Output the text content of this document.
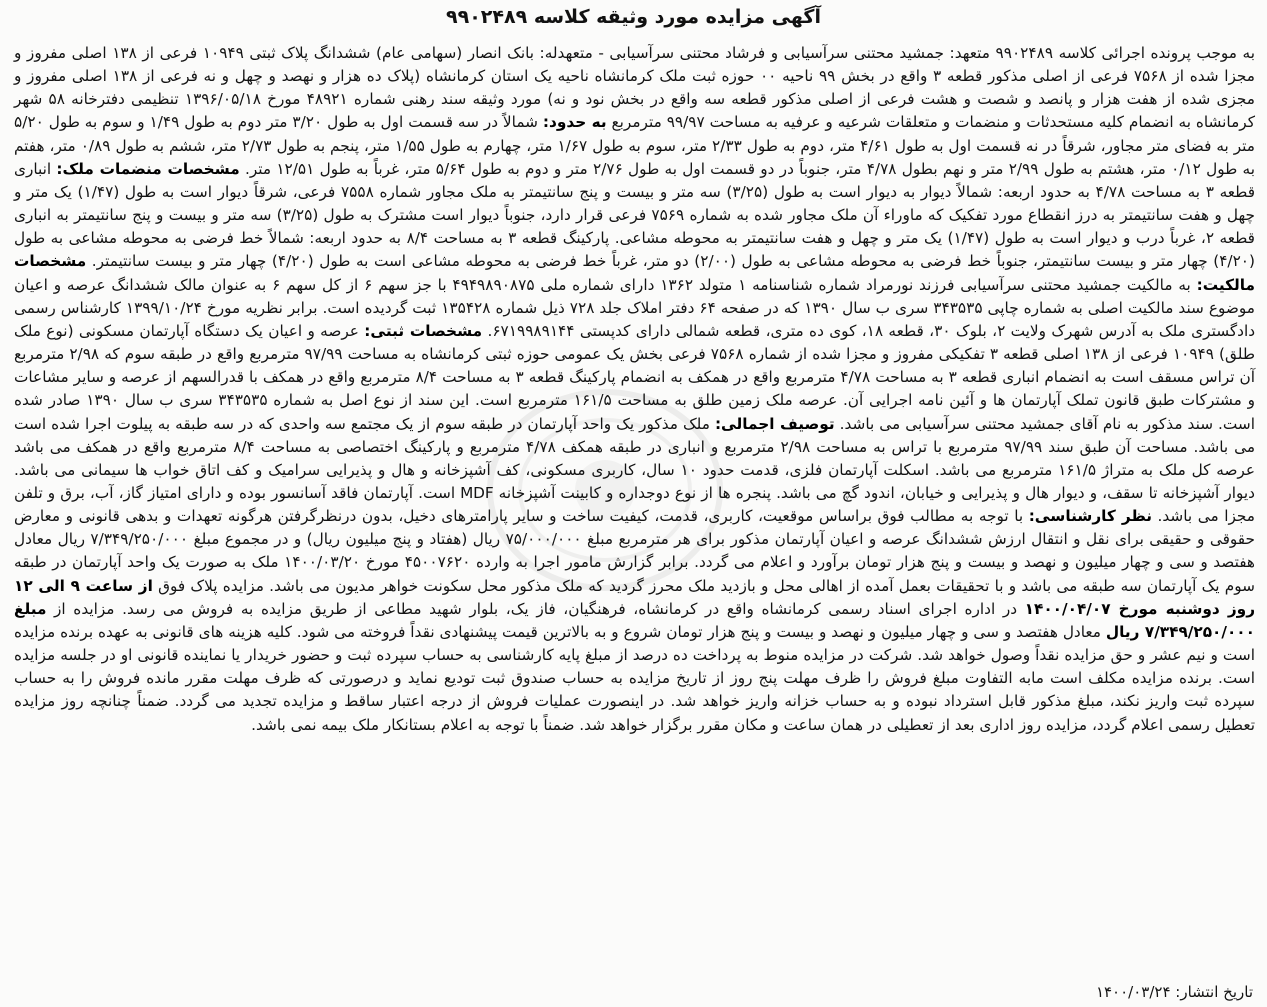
آگهی مزایده مورد وثیقه کلاسه ۹۹۰۲۴۸۹
به موجب پرونده اجرائی کلاسه ۹۹۰۲۴۸۹ متعهد: جمشید محتنی سرآسیابی و فرشاد محتنی سرآسیابی - متعهدله: بانک انصار (سهامی عام) ششدانگ پلاک ثبتی ۱۰۹۴۹ فرعی از ۱۳۸ اصلی مفروز و مجزا شده از ۷۵۶۸ فرعی از اصلی مذکور قطعه ۳ واقع در بخش ۹۹ ناحیه ۰۰ حوزه ثبت ملک کرمانشاه ناحیه یک استان کرمانشاه (پلاک ده هزار و نهصد و چهل و نه فرعی از ۱۳۸ اصلی مفروز و مجزی شده از هفت هزار و پانصد و شصت و هشت فرعی از اصلی مذکور قطعه سه واقع در بخش نود و نه) مورد وثیقه سند رهنی شماره ۴۸۹۲۱ مورخ ۱۳۹۶/۰۵/۱۸ تنظیمی دفترخانه ۵۸ شهر کرمانشاه به انضمام کلیه مستحدثات و منضمات و متعلقات شرعیه و عرفیه به مساحت ۹۹/۹۷ مترمربع به حدود: شمالاً در سه قسمت اول به طول ۳/۲۰ متر دوم به طول ۱/۴۹ و سوم به طول ۵/۲۰ متر به فضای متر مجاور، شرقاً در نه قسمت اول به طول ۴/۶۱ متر، دوم به طول ۲/۳۳ متر، سوم به طول ۱/۶۷ متر، چهارم به طول ۱/۵۵ متر، پنجم به طول ۲/۷۳ متر، ششم به طول ۰/۸۹ متر، هفتم به طول ۰/۱۲ متر، هشتم به طول ۲/۹۹ متر و نهم بطول ۴/۷۸ متر، جنوباً در دو قسمت اول به طول ۲/۷۶ متر و دوم به طول ۵/۶۴ متر، غرباً به طول ۱۲/۵۱ متر. مشخصات منضمات ملک: انباری قطعه ۳ به مساحت ۴/۷۸ به حدود اربعه: شمالاً دیوار به دیوار است به طول (۳/۲۵) سه متر و بیست و پنج سانتیمتر به ملک مجاور شماره ۷۵۵۸ فرعی، شرقاً دیوار است به طول (۱/۴۷) یک متر و چهل و هفت سانتیمتر به درز انقطاع مورد تفکیک که ماوراء آن ملک مجاور شده به شماره ۷۵۶۹ فرعی قرار دارد، جنوباً دیوار است مشترک به طول (۳/۲۵) سه متر و بیست و پنج سانتیمتر به انباری قطعه ۲، غرباً درب و دیوار است به طول (۱/۴۷) یک متر و چهل و هفت سانتیمتر به محوطه مشاعی. پارکینگ قطعه ۳ به مساحت ۸/۴ به حدود اربعه: شمالاً خط فرضی به محوطه مشاعی به طول (۴/۲۰) چهار متر و بیست سانتیمتر، جنوباً خط فرضی به محوطه مشاعی به طول (۲/۰۰) دو متر، غرباً خط فرضی به محوطه مشاعی است به طول (۴/۲۰) چهار متر و بیست سانتیمتر. مشخصات مالکیت: به مالکیت جمشید محتنی سرآسیابی فرزند نورمراد شماره شناسنامه ۱ متولد ۱۳۶۲ دارای شماره ملی ۴۹۴۹۸۹۰۸۷۵ با جز سهم ۶ از کل سهم ۶ به عنوان مالک ششدانگ عرصه و اعیان موضوع سند مالکیت اصلی به شماره چاپی ۳۴۳۵۳۵ سری ب سال ۱۳۹۰ که در صفحه ۶۴ دفتر املاک جلد ۷۲۸ ذیل شماره ۱۳۵۴۲۸ ثبت گردیده است. برابر نظریه مورخ ۱۳۹۹/۱۰/۲۴ کارشناس رسمی دادگستری ملک به آدرس شهرک ولایت ۲، بلوک ۳۰، قطعه ۱۸، کوی ده متری، قطعه شمالی دارای کدپستی ۶۷۱۹۹۸۹۱۴۴. مشخصات ثبتی: عرصه و اعیان یک دستگاه آپارتمان مسکونی (نوع ملک طلق) ۱۰۹۴۹ فرعی از ۱۳۸ اصلی قطعه ۳ تفکیکی مفروز و مجزا شده از شماره ۷۵۶۸ فرعی بخش یک عمومی حوزه ثبتی کرمانشاه به مساحت ۹۷/۹۹ مترمربع واقع در طبقه سوم که ۲/۹۸ مترمربع آن تراس مسقف است به انضمام انباری قطعه ۳ به مساحت ۴/۷۸ مترمربع واقع در همکف به انضمام پارکینگ قطعه ۳ به مساحت ۸/۴ مترمربع واقع در همکف با قدرالسهم از عرصه و سایر مشاعات و مشترکات طبق قانون تملک آپارتمان ها و آئین نامه اجرایی آن. عرصه ملک زمین طلق به مساحت ۱۶۱/۵ مترمربع است. این سند از نوع اصل به شماره ۳۴۳۵۳۵ سری ب سال ۱۳۹۰ صادر شده است. سند مذکور به نام آقای جمشید محتنی سرآسیابی می باشد. توصیف اجمالی: ملک مذکور یک واحد آپارتمان در طبقه سوم از یک مجتمع سه واحدی که در سه طبقه به پیلوت اجرا شده است می باشد. مساحت آن طبق سند ۹۷/۹۹ مترمربع با تراس به مساحت ۲/۹۸ مترمربع و انباری در طبقه همکف ۴/۷۸ مترمربع و پارکینگ اختصاصی به مساحت ۸/۴ مترمربع واقع در همکف می باشد عرصه کل ملک به متراژ ۱۶۱/۵ مترمربع می باشد. اسکلت آپارتمان فلزی، قدمت حدود ۱۰ سال، کاربری مسکونی، کف آشپزخانه و هال و پذیرایی سرامیک و کف اتاق خواب ها سیمانی می باشد. دیوار آشپزخانه تا سقف، و دیوار هال و پذیرایی و خیابان، اندود گچ می باشد. پنجره ها از نوع دوجداره و کابینت آشپزخانه MDF است. آپارتمان فاقد آسانسور بوده و دارای امتیاز گاز، آب، برق و تلفن مجزا می باشد. نظر کارشناسی: با توجه به مطالب فوق براساس موقعیت، کاربری، قدمت، کیفیت ساخت و سایر پارامترهای دخیل، بدون درنظرگرفتن هرگونه تعهدات و بدهی قانونی و معارض حقوقی و حقیقی برای نقل و انتقال ارزش ششدانگ عرصه و اعیان آپارتمان مذکور برای هر مترمربع مبلغ ۷۵/۰۰۰/۰۰۰ ریال (هفتاد و پنج میلیون ریال) و در مجموع مبلغ ۷/۳۴۹/۲۵۰/۰۰۰ ریال معادل هفتصد و سی و چهار میلیون و نهصد و بیست و پنج هزار تومان برآورد و اعلام می گردد. برابر گزارش مامور اجرا به وارده ۴۵۰۰۷۶۲۰ مورخ ۱۴۰۰/۰۳/۲۰ ملک به صورت یک واحد آپارتمان در طبقه سوم یک آپارتمان سه طبقه می باشد و با تحقیقات بعمل آمده از اهالی محل و بازدید ملک محرز گردید که ملک مذکور محل سکونت خواهر مدیون می باشد. مزایده پلاک فوق از ساعت ۹ الی ۱۲ روز دوشنبه مورخ ۱۴۰۰/۰۴/۰۷ در اداره اجرای اسناد رسمی کرمانشاه واقع در کرمانشاه، فرهنگیان، فاز یک، بلوار شهید مطاعی از طریق مزایده به فروش می رسد. مزایده از مبلغ ۷/۳۴۹/۲۵۰/۰۰۰ ریال معادل هفتصد و سی و چهار میلیون و نهصد و بیست و پنج هزار تومان شروع و به بالاترین قیمت پیشنهادی نقداً فروخته می شود. کلیه هزینه های قانونی به عهده برنده مزایده است و نیم عشر و حق مزایده نقداً وصول خواهد شد. شرکت در مزایده منوط به پرداخت ده درصد از مبلغ پایه کارشناسی به حساب سپرده ثبت و حضور خریدار یا نماینده قانونی او در جلسه مزایده است. برنده مزایده مکلف است مابه التفاوت مبلغ فروش را ظرف مهلت پنج روز از تاریخ مزایده به حساب صندوق ثبت تودیع نماید و درصورتی که ظرف مهلت مقرر مانده فروش را به حساب سپرده ثبت واریز نکند، مبلغ مذکور قابل استرداد نبوده و به حساب خزانه واریز خواهد شد. در اینصورت عملیات فروش از درجه اعتبار ساقط و مزایده تجدید می گردد. ضمناً چنانچه روز مزایده تعطیل رسمی اعلام گردد، مزایده روز اداری بعد از تعطیلی در همان ساعت و مکان مقرر برگزار خواهد شد. ضمناً با توجه به اعلام بستانکار ملک بیمه نمی باشد.
تاریخ انتشار: ۱۴۰۰/۰۳/۲۴
